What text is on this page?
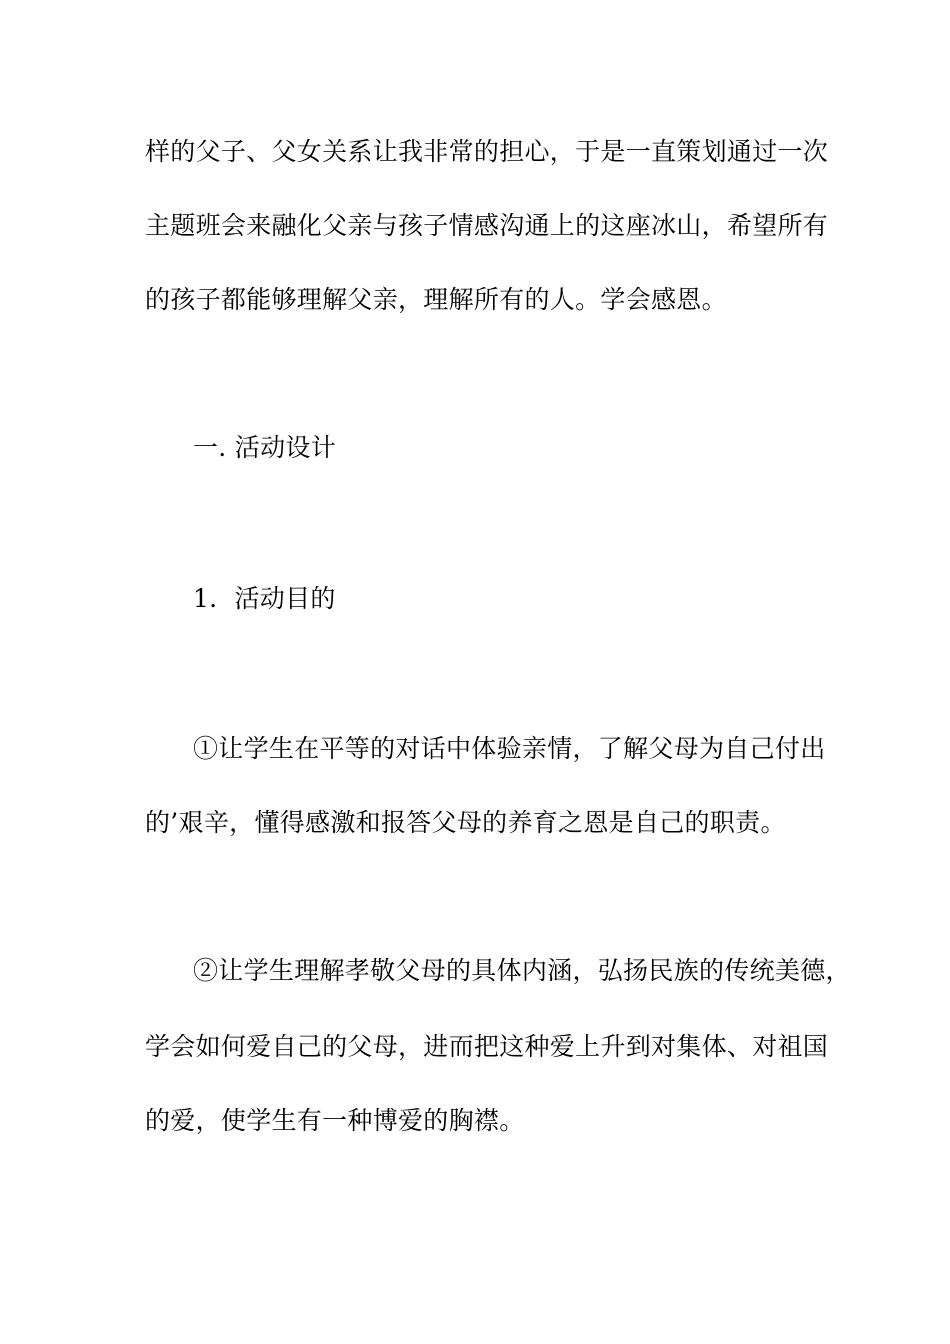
样的父子、父女关系让我非常的担心，于是一直策划通过一次
主题班会来融化父亲与孩子情感沟通上的这座冰山，希望所有
的孩子都能够理解父亲，理解所有的人。学会感恩。
一. 活动设计
1．活动目的
①让学生在平等的对话中体验亲情，了解父母为自己付出
的’艰辛，懂得感激和报答父母的养育之恩是自己的职责。
②让学生理解孝敬父母的具体内涵，弘扬民族的传统美德，
学会如何爱自己的父母，进而把这种爱上升到对集体、对祖国
的爱，使学生有一种博爱的胸襟。
